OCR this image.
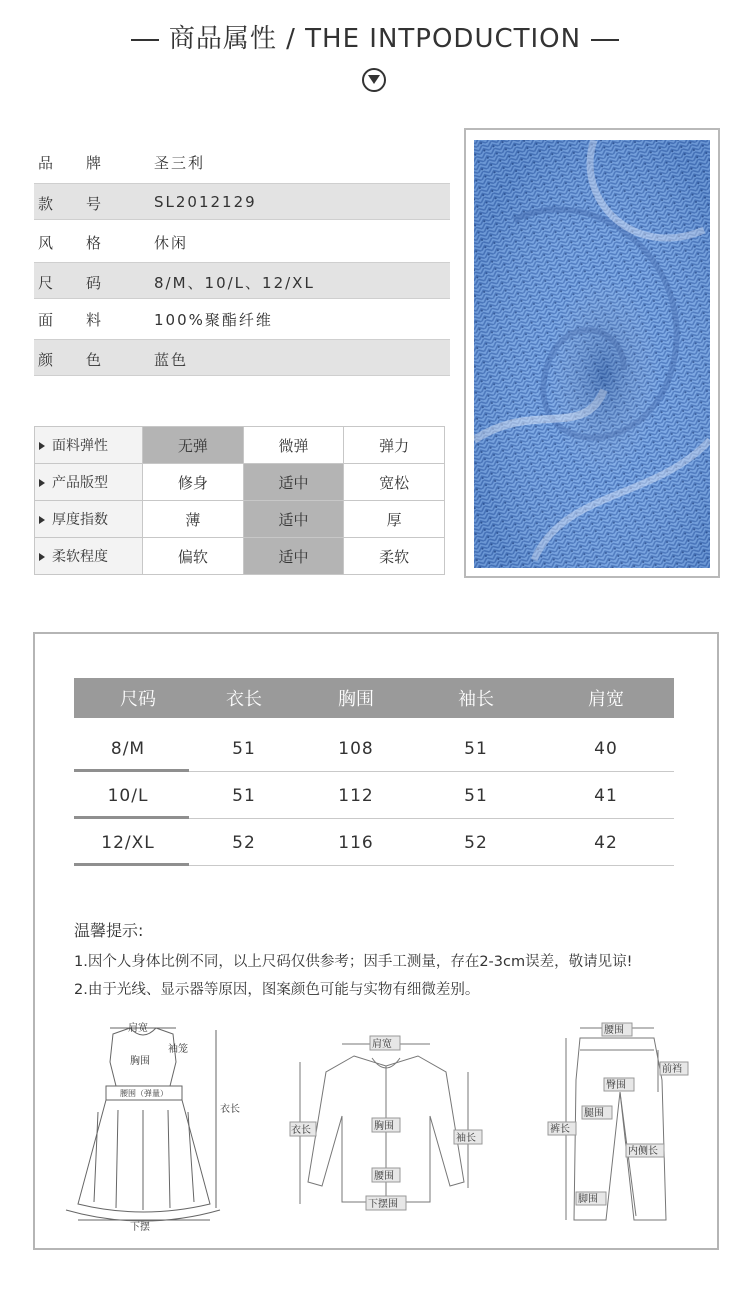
商品属性 / THE INTPODUCTION
品 牌	圣三利
款 号	SL2012129
风 格	休闲
尺 码	8/M、10/L、12/XL
面 料	100%聚酯纤维
颜 色	蓝色
面料弹性	无弹	微弹	弹力
产品版型	修身	适中	宽松
厚度指数	薄	适中	厚
柔软程度	偏软	适中	柔软
尺码	衣长	胸围	袖长	肩宽
8/M	51	108	51	40
10/L	51	112	51	41
12/XL	52	116	52	42
温馨提示:
1.因个人身体比例不同，以上尺码仅供参考；因手工测量，存在2-3cm误差，敬请见谅!
2.由于光线、显示器等原因，图案颜色可能与实物有细微差别。
肩宽
袖笼
胸围
腰围（弹量）
衣长
下摆
肩宽
衣长	胸围
袖长
腰围
下摆围
腰围
前裆
臀围
腿围
裤长
内侧长
脚围
